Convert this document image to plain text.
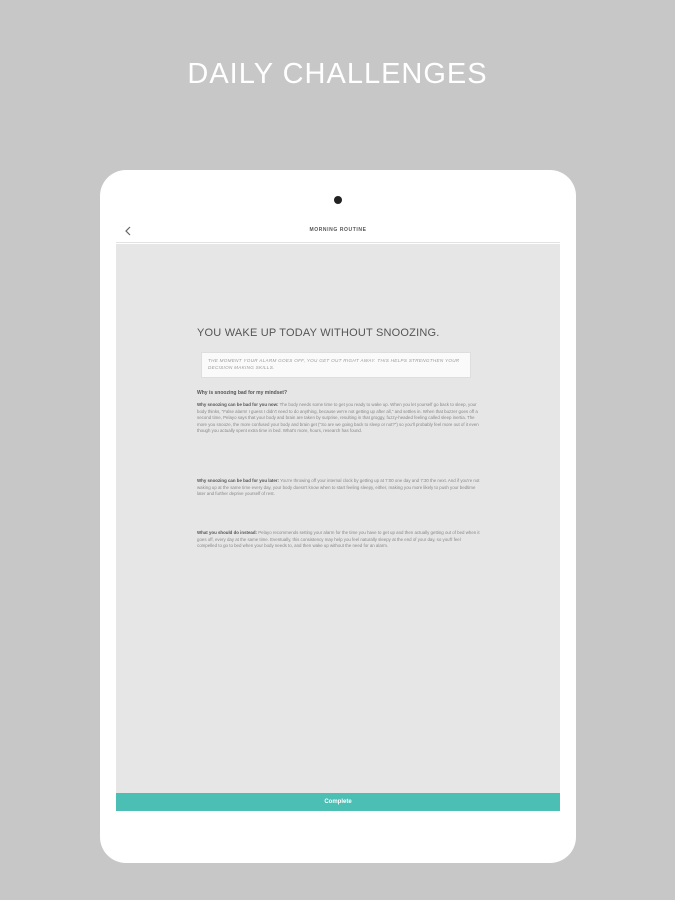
DAILY CHALLENGES
MORNING ROUTINE
YOU WAKE UP TODAY WITHOUT SNOOZING.
THE MOMENT YOUR ALARM GOES OFF, YOU GET OUT RIGHT AWAY. THIS HELPS STRENGTHEN YOUR DECISION MAKING SKILLS.
Why is snoozing bad for my mindset?
Why snoozing can be bad for you now: The body needs some time to get you ready to wake up. When you let yourself go back to sleep, your body thinks, "False alarm! I guess I didn't need to do anything, because we're not getting up after all," and settles in. When that buzzer goes off a second time, Pelayo says that your body and brain are taken by surprise, resulting in that groggy, fuzzy-headed feeling called sleep inertia. The more you snooze, the more confused your body and brain get ("So are we going back to sleep or not?") so you'll probably feel more out of it even though you actually spent extra time in bed. What's more, hours, research has found.
Why snoozing can be bad for you later: You're throwing off your internal clock by getting up at 7:00 one day and 7:30 the next. And if you're not waking up at the same time every day, your body doesn't know when to start feeling sleepy, either, making you more likely to push your bedtime later and further deprive yourself of rest.
What you should do instead: Pelayo recommends setting your alarm for the time you have to get up and then actually getting out of bed when it goes off, every day at the same time. Eventually, this consistency may help you feel naturally sleepy at the end of your day, so you'll feel compelled to go to bed when your body needs to, and then wake up without the need for an alarm.
Complete
